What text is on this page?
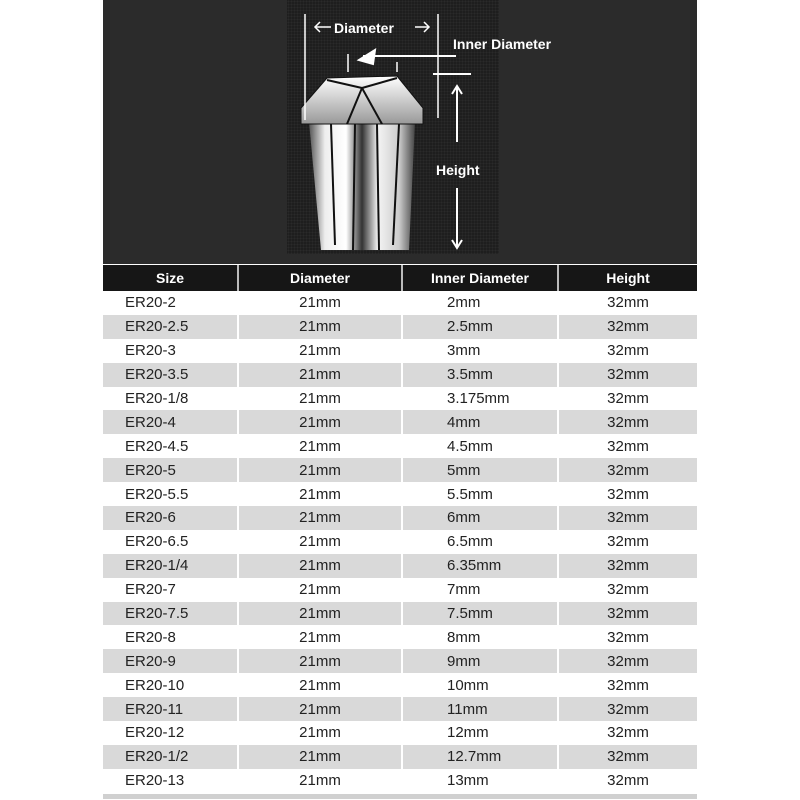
Diameter
Inner Diameter
Height
Size	Diameter	Inner Diameter	Height
ER20-2	21mm	2mm	32mm
ER20-2.5	21mm	2.5mm	32mm
ER20-3	21mm	3mm	32mm
ER20-3.5	21mm	3.5mm	32mm
ER20-1/8	21mm	3.175mm	32mm
ER20-4	21mm	4mm	32mm
ER20-4.5	21mm	4.5mm	32mm
ER20-5	21mm	5mm	32mm
ER20-5.5	21mm	5.5mm	32mm
ER20-6	21mm	6mm	32mm
ER20-6.5	21mm	6.5mm	32mm
ER20-1/4	21mm	6.35mm	32mm
ER20-7	21mm	7mm	32mm
ER20-7.5	21mm	7.5mm	32mm
ER20-8	21mm	8mm	32mm
ER20-9	21mm	9mm	32mm
ER20-10	21mm	10mm	32mm
ER20-11	21mm	11mm	32mm
ER20-12	21mm	12mm	32mm
ER20-1/2	21mm	12.7mm	32mm
ER20-13	21mm	13mm	32mm
